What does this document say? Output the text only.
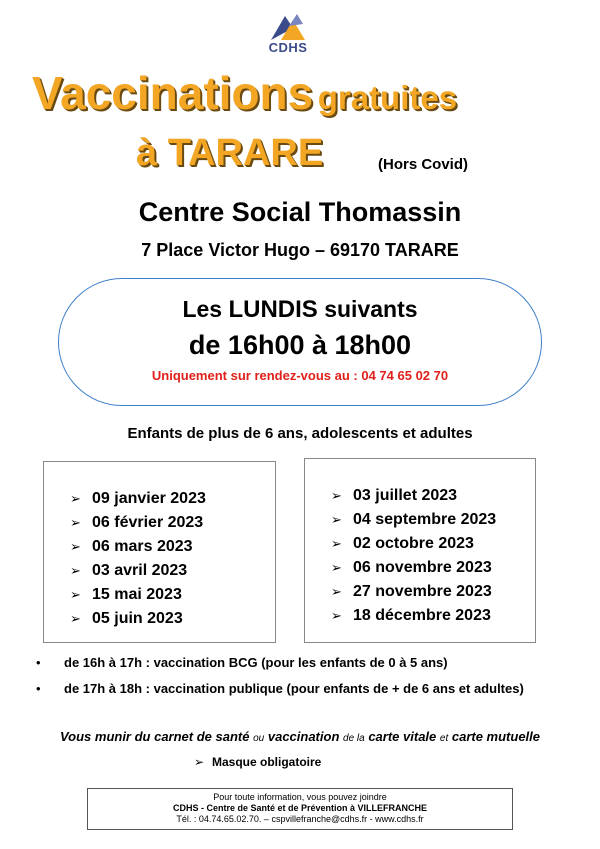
CDHS
Vaccinations gratuites
à TARARE	(Hors Covid)
Centre Social Thomassin
7 Place Victor Hugo – 69170 TARARE
Les LUNDIS suivants
de 16h00 à 18h00
Uniquement sur rendez-vous au : 04 74 65 02 70
Enfants de plus de 6 ans, adolescents et adultes
➢ 09 janvier 2023
➢ 06 février 2023
➢ 06 mars 2023
➢ 03 avril 2023
➢ 15 mai 2023
➢ 05 juin 2023
➢ 03 juillet 2023
➢ 04 septembre 2023
➢ 02 octobre 2023
➢ 06 novembre 2023
➢ 27 novembre 2023
➢ 18 décembre 2023
• de 16h à 17h : vaccination BCG (pour les enfants de 0 à 5 ans)
• de 17h à 18h : vaccination publique (pour enfants de + de 6 ans et adultes)
Vous munir du carnet de santé ou vaccination de la carte vitale et carte mutuelle
➢ Masque obligatoire
Pour toute information, vous pouvez joindre
CDHS - Centre de Santé et de Prévention à VILLEFRANCHE
Tél. : 04.74.65.02.70. – cspvillefranche@cdhs.fr - www.cdhs.fr
